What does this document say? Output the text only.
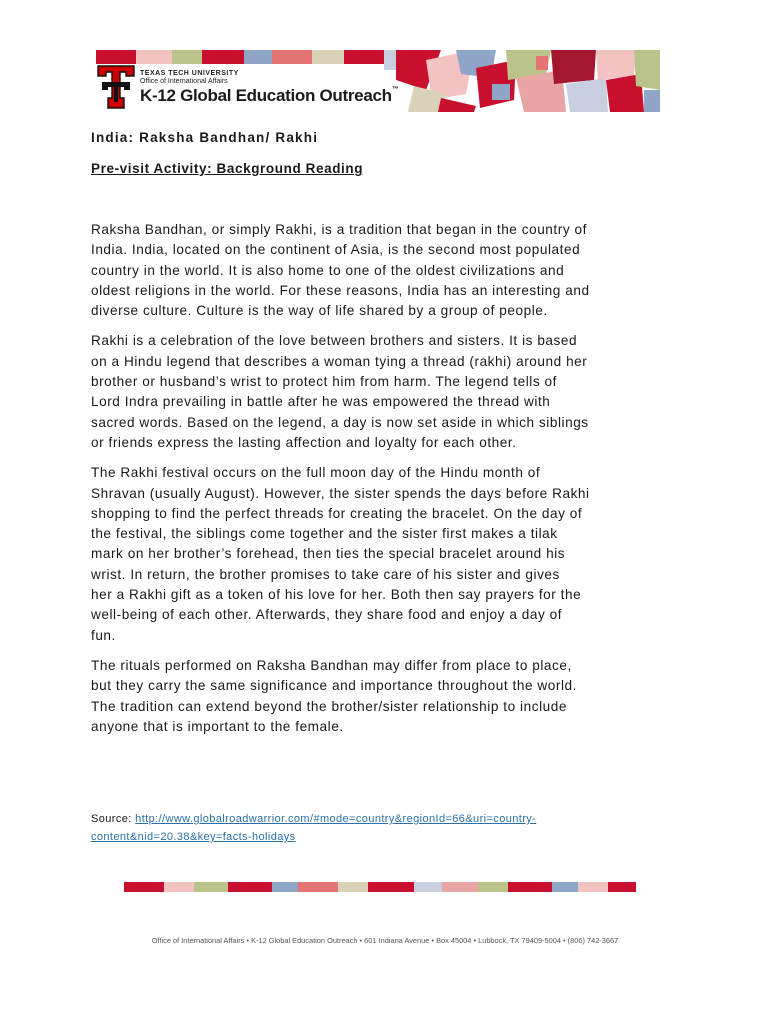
TEXAS TECH UNIVERSITY
Office of International Affairs
K-12 Global Education Outreach™
India: Raksha Bandhan/ Rakhi
Pre-visit Activity: Background Reading

Raksha Bandhan, or simply Rakhi, is a tradition that began in the country of
India. India, located on the continent of Asia, is the second most populated
country in the world. It is also home to one of the oldest civilizations and
oldest religions in the world. For these reasons, India has an interesting and
diverse culture. Culture is the way of life shared by a group of people.

Rakhi is a celebration of the love between brothers and sisters. It is based
on a Hindu legend that describes a woman tying a thread (rakhi) around her
brother or husband’s wrist to protect him from harm. The legend tells of
Lord Indra prevailing in battle after he was empowered the thread with
sacred words. Based on the legend, a day is now set aside in which siblings
or friends express the lasting affection and loyalty for each other.

The Rakhi festival occurs on the full moon day of the Hindu month of
Shravan (usually August). However, the sister spends the days before Rakhi
shopping to find the perfect threads for creating the bracelet. On the day of
the festival, the siblings come together and the sister first makes a tilak
mark on her brother’s forehead, then ties the special bracelet around his
wrist. In return, the brother promises to take care of his sister and gives
her a Rakhi gift as a token of his love for her. Both then say prayers for the
well-being of each other. Afterwards, they share food and enjoy a day of
fun.

The rituals performed on Raksha Bandhan may differ from place to place,
but they carry the same significance and importance throughout the world.
The tradition can extend beyond the brother/sister relationship to include
anyone that is important to the female.

Source: http://www.globalroadwarrior.com/#mode=country&regionId=66&uri=country-
content&nid=20.38&key=facts-holidays
Office of International Affairs • K-12 Global Education Outreach • 601 Indiana Avenue • Box 45004 • Lubbock, TX 79409-5004 • (806) 742-3667
